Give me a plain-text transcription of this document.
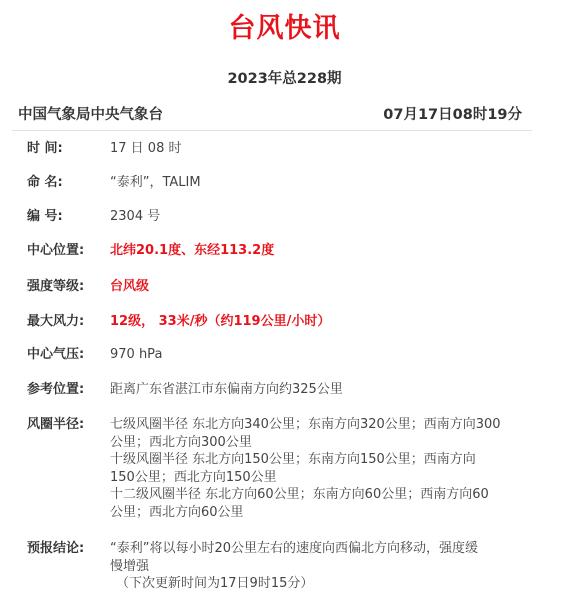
台风快讯
2023年总228期
中国气象局中央气象台	07月17日08时19分
时 间:	17 日 08 时
命 名:	“泰利”，TALIM
编 号:	2304 号
中心位置:	北纬20.1度、东经113.2度
强度等级:	台风级
最大风力:	12级， 33米/秒（约119公里/小时）
中心气压:	970 hPa
参考位置:	距离广东省湛江市东偏南方向约325公里
风圈半径:	七级风圈半径 东北方向340公里；东南方向320公里；西南方向300
公里；西北方向300公里
十级风圈半径 东北方向150公里；东南方向150公里；西南方向
150公里；西北方向150公里
十二级风圈半径 东北方向60公里；东南方向60公里；西南方向60
公里；西北方向60公里
预报结论:	“泰利”将以每小时20公里左右的速度向西偏北方向移动，强度缓
慢增强
（下次更新时间为17日9时15分）
